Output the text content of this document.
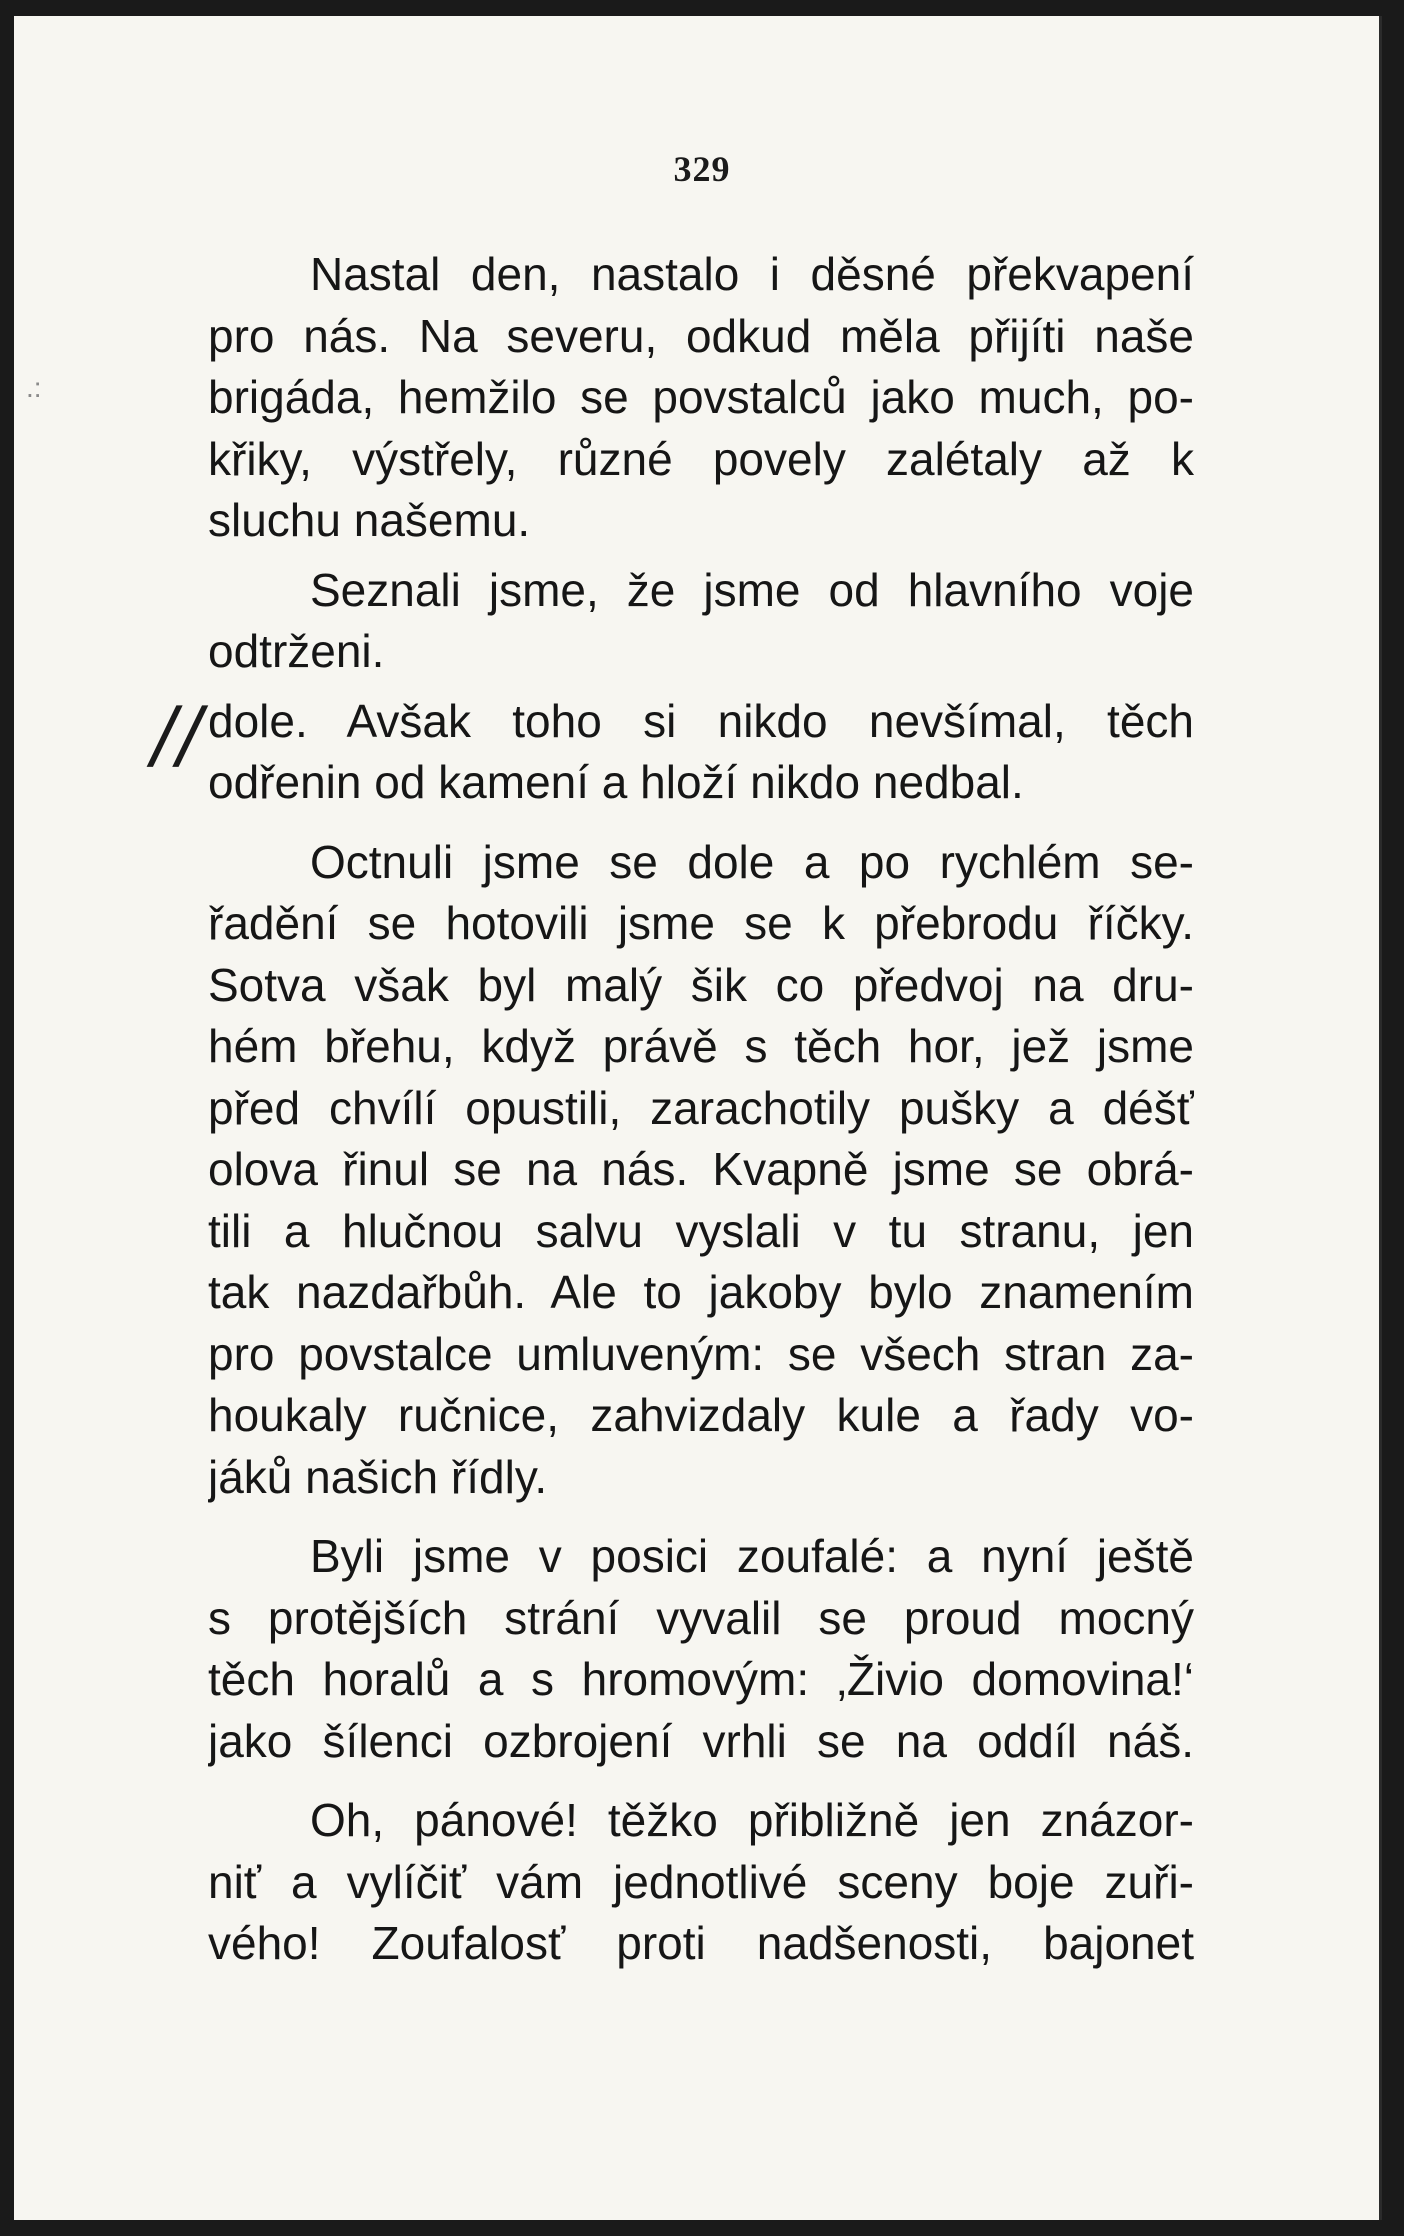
.:
329
//
Nastal den, nastalo i děsné překvapení
pro nás. Na severu, odkud měla přijíti naše
brigáda, hemžilo se povstalců jako much, po-
křiky, výstřely, různé povely zalétaly až k
sluchu našemu.
Seznali jsme, že jsme od hlavního voje
odtrženi.
dole. Avšak toho si nikdo nevšímal, těch
odřenin od kamení a hloží nikdo nedbal.
Octnuli jsme se dole a po rychlém se-
řadění se hotovili jsme se k přebrodu říčky.
Sotva však byl malý šik co předvoj na dru-
hém břehu, když právě s těch hor, jež jsme
před chvílí opustili, zarachotily pušky a déšť
olova řinul se na nás. Kvapně jsme se obrá-
tili a hlučnou salvu vyslali v tu stranu, jen
tak nazdařbůh. Ale to jakoby bylo znamením
pro povstalce umluveným: se všech stran za-
houkaly ručnice, zahvizdaly kule a řady vo-
jáků našich řídly.
Byli jsme v posici zoufalé: a nyní ještě
s protějších strání vyvalil se proud mocný
těch horalů a s hromovým: ‚Živio domovina!‘
jako šílenci ozbrojení vrhli se na oddíl náš.
Oh, pánové! těžko přibližně jen znázor-
niť a vylíčiť vám jednotlivé sceny boje zuři-
vého! Zoufalosť proti nadšenosti, bajonet
